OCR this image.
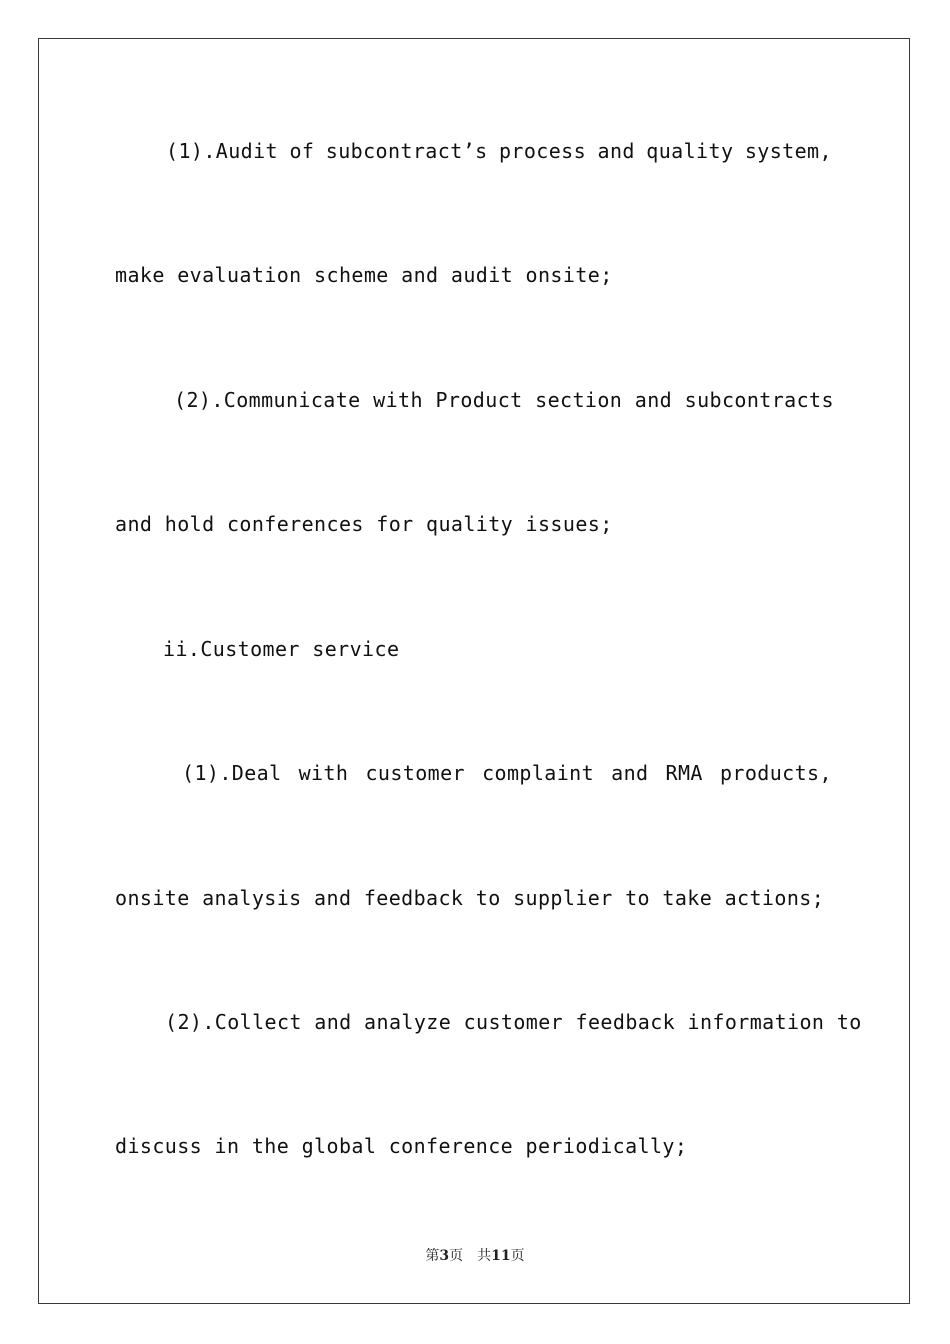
(1).Audit of subcontract’s process and quality system,
make evaluation scheme and audit onsite;
(2).Communicate with Product section and subcontracts
and hold conferences for quality issues;
ii.Customer service
(1).Deal with customer complaint and RMA products,
onsite analysis and feedback to supplier to take actions;
(2).Collect and analyze customer feedback information to
discuss in the global conference periodically;
第3页 共11页
